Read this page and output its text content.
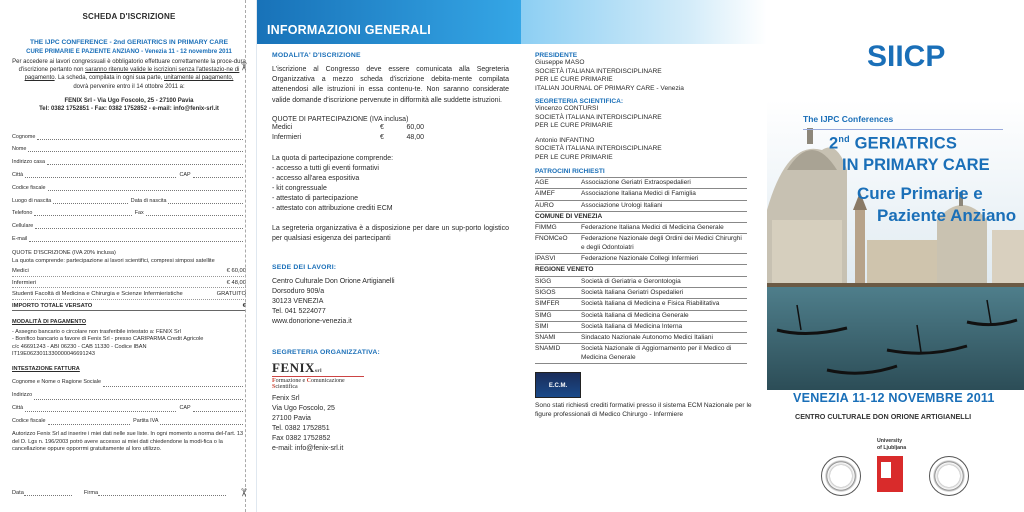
SCHEDA D'ISCRIZIONE
THE IJPC CONFERENCE - 2nd GERIATRICS IN PRIMARY CARE
CURE PRIMARIE E PAZIENTE ANZIANO - Venezia 11 - 12 novembre 2011
Per accedere ai lavori congressuali è obbligatorio effettuare correttamente la proce-dura d'iscrizione pertanto non saranno ritenute valide le iscrizioni senza l'attestazio-ne di pagamento. La scheda, compilata in ogni sua parte, unitamente al pagamento,
dovrà pervenire entro il 14 ottobre 2011 a:
FENIX Srl - Via Ugo Foscolo, 25 - 27100 Pavia
Tel: 0382 1752851 - Fax: 0382 1752852 - e-mail: info@fenix-srl.it
Cognome
Nome
Indirizzo casa
Città	CAP
Codice fiscale
Luogo di nascita	Data di nascita
Telefono	Fax
Cellulare
E-mail
QUOTE D'ISCRIZIONE (IVA 20% inclusa)
La quota comprende: partecipazione ai lavori scientifici, compresi simposi satellite
Medici	€ 60,00
Infermieri	€ 48,00
Studenti Facoltà di Medicina e Chirurgia e Scienze Infermieristiche	GRATUITO
IMPORTO TOTALE VERSATO	€
MODALITÀ DI PAGAMENTO
- Assegno bancario o circolare non trasferibile intestato a: FENIX Srl
- Bonifico bancario a favore di Fenix Srl - presso CARIPARMA Credit Agricole
c/c 46691243 - ABI 06230 - CAB 11330 - Codice IBAN
IT19E0623011330000046691243
INTESTAZIONE FATTURA
Cognome e Nome o Ragione Sociale
Indirizzo
Città	CAP
Codice fiscale	Partita IVA
Autorizzo Fenix Srl ad inserire i miei dati nelle sue liste. In ogni momento a norma del-l'art. 13 del D. Lgs n. 196/2003 potrò avere accesso ai miei dati chiedendone la modi-fica o la cancellazione oppure opporrmi gratuitamente al loro utilizzo.
Data	Firma
✂
✂
INFORMAZIONI GENERALI
MODALITA' D'ISCRIZIONE
L'iscrizione al Congresso deve essere comunicata alla Segreteria Organizzativa a mezzo scheda d'iscrizione debita-mente compilata attenendosi alle istruzioni in essa contenu-te. Non saranno considerate valide domande d'iscrizione pervenute in difformità alle suddette istruzioni.
QUOTE DI PARTECIPAZIONE (IVA inclusa)
Medici	€	60,00
Infermieri	€	48,00
La quota di partecipazione comprende:
- accesso a tutti gli eventi formativi
- accesso all'area espositiva
- kit congressuale
- attestato di partecipazione
- attestato con attribuzione crediti ECM
La segreteria organizzativa è a disposizione per dare un sup-porto logistico per qualsiasi esigenza dei partecipanti
SEDE DEI LAVORI:
Centro Culturale Don Orione Artigianelli
Dorsoduro 909/a
30123 VENEZIA
Tel. 041 5224077
www.donorione-venezia.it
SEGRETERIA ORGANIZZATIVA:
FENIXsrl
Formazione e Comunicazione Scientifica
Fenix Srl
Via Ugo Foscolo, 25
27100 Pavia
Tel. 0382 1752851
Fax 0382 1752852
e-mail: info@fenix-srl.it
PRESIDENTE
Giuseppe MASO
SOCIETÀ ITALIANA INTERDISCIPLINARE
PER LE CURE PRIMARIE
ITALIAN JOURNAL OF PRIMARY CARE - Venezia
SEGRETERIA SCIENTIFICA:
Vincenzo CONTURSI
SOCIETÀ ITALIANA INTERDISCIPLINARE
PER LE CURE PRIMARIE
Antonio INFANTINO
SOCIETÀ ITALIANA INTERDISCIPLINARE
PER LE CURE PRIMARIE
PATROCINI RICHIESTI
AGE	Associazione Geriatri Extraospedalieri
AIMEF	Associazione Italiana Medici di Famiglia
AURO	Associazione Urologi Italiani
COMUNE DI VENEZIA	
FIMMG	Federazione Italiana Medici di Medicina Generale
FNOMCeO	Federazione Nazionale degli Ordini dei Medici Chirurghi e degli Odontoiatri
IPASVI	Federazione Nazionale Collegi Infermieri
REGIONE VENETO	
SIGG	Società di Geriatria e Gerontologia
SIGOS	Società Italiana Geriatri Ospedalieri
SIMFER	Società Italiana di Medicina e Fisica Riabilitativa
SIMG	Società Italiana di Medicina Generale
SIMI	Società Italiana di Medicina Interna
SNAMI	Sindacato Nazionale Autonomo Medici Italiani
SNAMID	Società Nazionale di Aggiornamento per il Medico di Medicina Generale
E.C.M.
Sono stati richiesti crediti formativi presso il sistema ECM Nazionale per le figure professionali di Medico Chirurgo - Infermiere
SIICP
The IJPC Conferences
2nd GERIATRICS
IN PRIMARY CARE
Cure Primarie e
Paziente Anziano
VENEZIA 11-12 NOVEMBRE 2011
CENTRO CULTURALE DON ORIONE ARTIGIANELLI
University
of Ljubljana
